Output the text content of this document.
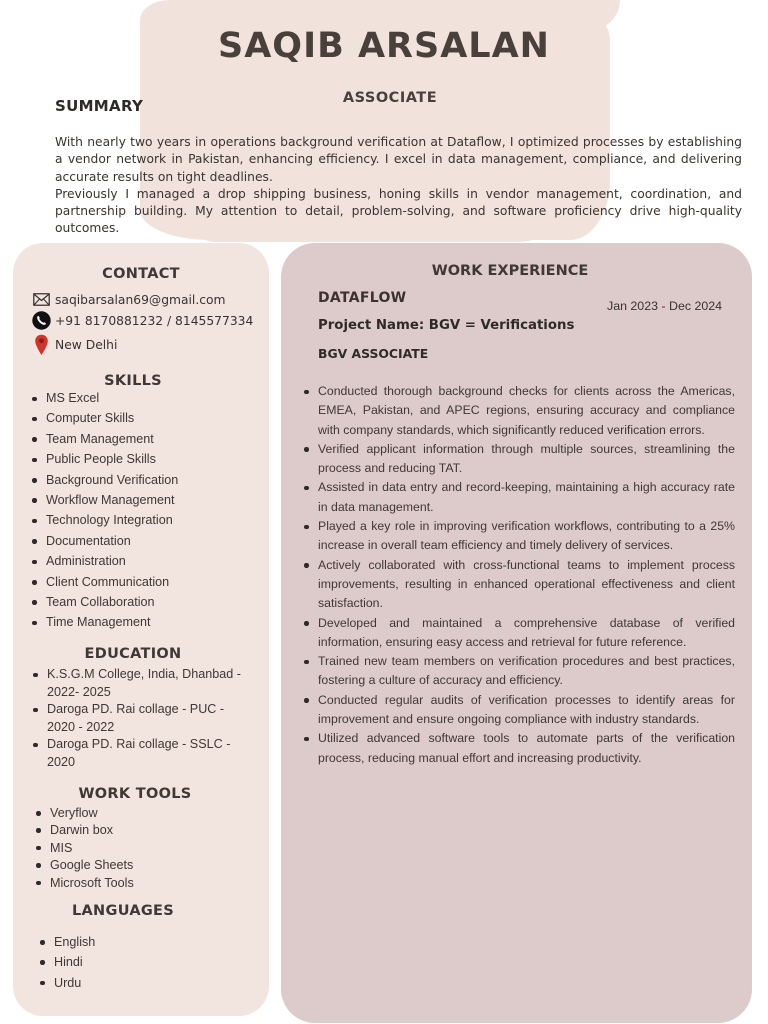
SAQIB ARSALAN
ASSOCIATE
SUMMARY

With nearly two years in operations background verification at Dataflow, I optimized processes by establishing a vendor network in Pakistan, enhancing efficiency. I excel in data management, compliance, and delivering accurate results on tight deadlines.

Previously I managed a drop shipping business, honing skills in vendor management, coordination, and partnership building. My attention to detail, problem-solving, and software proficiency drive high-quality outcomes.

CONTACT
saqibarsalan69@gmail.com
+91 8170881232 / 8145577334
New Delhi
SKILLS
MS Excel
Computer Skills
Team Management
Public People Skills
Background Verification
Workflow Management
Technology Integration
Documentation
Administration
Client Communication
Team Collaboration
Time Management
EDUCATION
K.S.G.M College, India, Dhanbad - 2022- 2025
Daroga PD. Rai collage - PUC - 2020 - 2022
Daroga PD. Rai collage - SSLC - 2020
WORK TOOLS
Veryflow
Darwin box
MIS
Google Sheets
Microsoft Tools
LANGUAGES
English
Hindi
Urdu
WORK EXPERIENCE
DATAFLOW	Jan 2023 - Dec 2024
Project Name: BGV = Verifications
BGV ASSOCIATE
Conducted thorough background checks for clients across the Americas, EMEA, Pakistan, and APEC regions, ensuring accuracy and compliance with company standards, which significantly reduced verification errors.
Verified applicant information through multiple sources, streamlining the process and reducing TAT.
Assisted in data entry and record-keeping, maintaining a high accuracy rate in data management.
Played a key role in improving verification workflows, contributing to a 25% increase in overall team efficiency and timely delivery of services.
Actively collaborated with cross-functional teams to implement process improvements, resulting in enhanced operational effectiveness and client satisfaction.
Developed and maintained a comprehensive database of verified information, ensuring easy access and retrieval for future reference.
Trained new team members on verification procedures and best practices, fostering a culture of accuracy and efficiency.
Conducted regular audits of verification processes to identify areas for improvement and ensure ongoing compliance with industry standards.
Utilized advanced software tools to automate parts of the verification process, reducing manual effort and increasing productivity.
